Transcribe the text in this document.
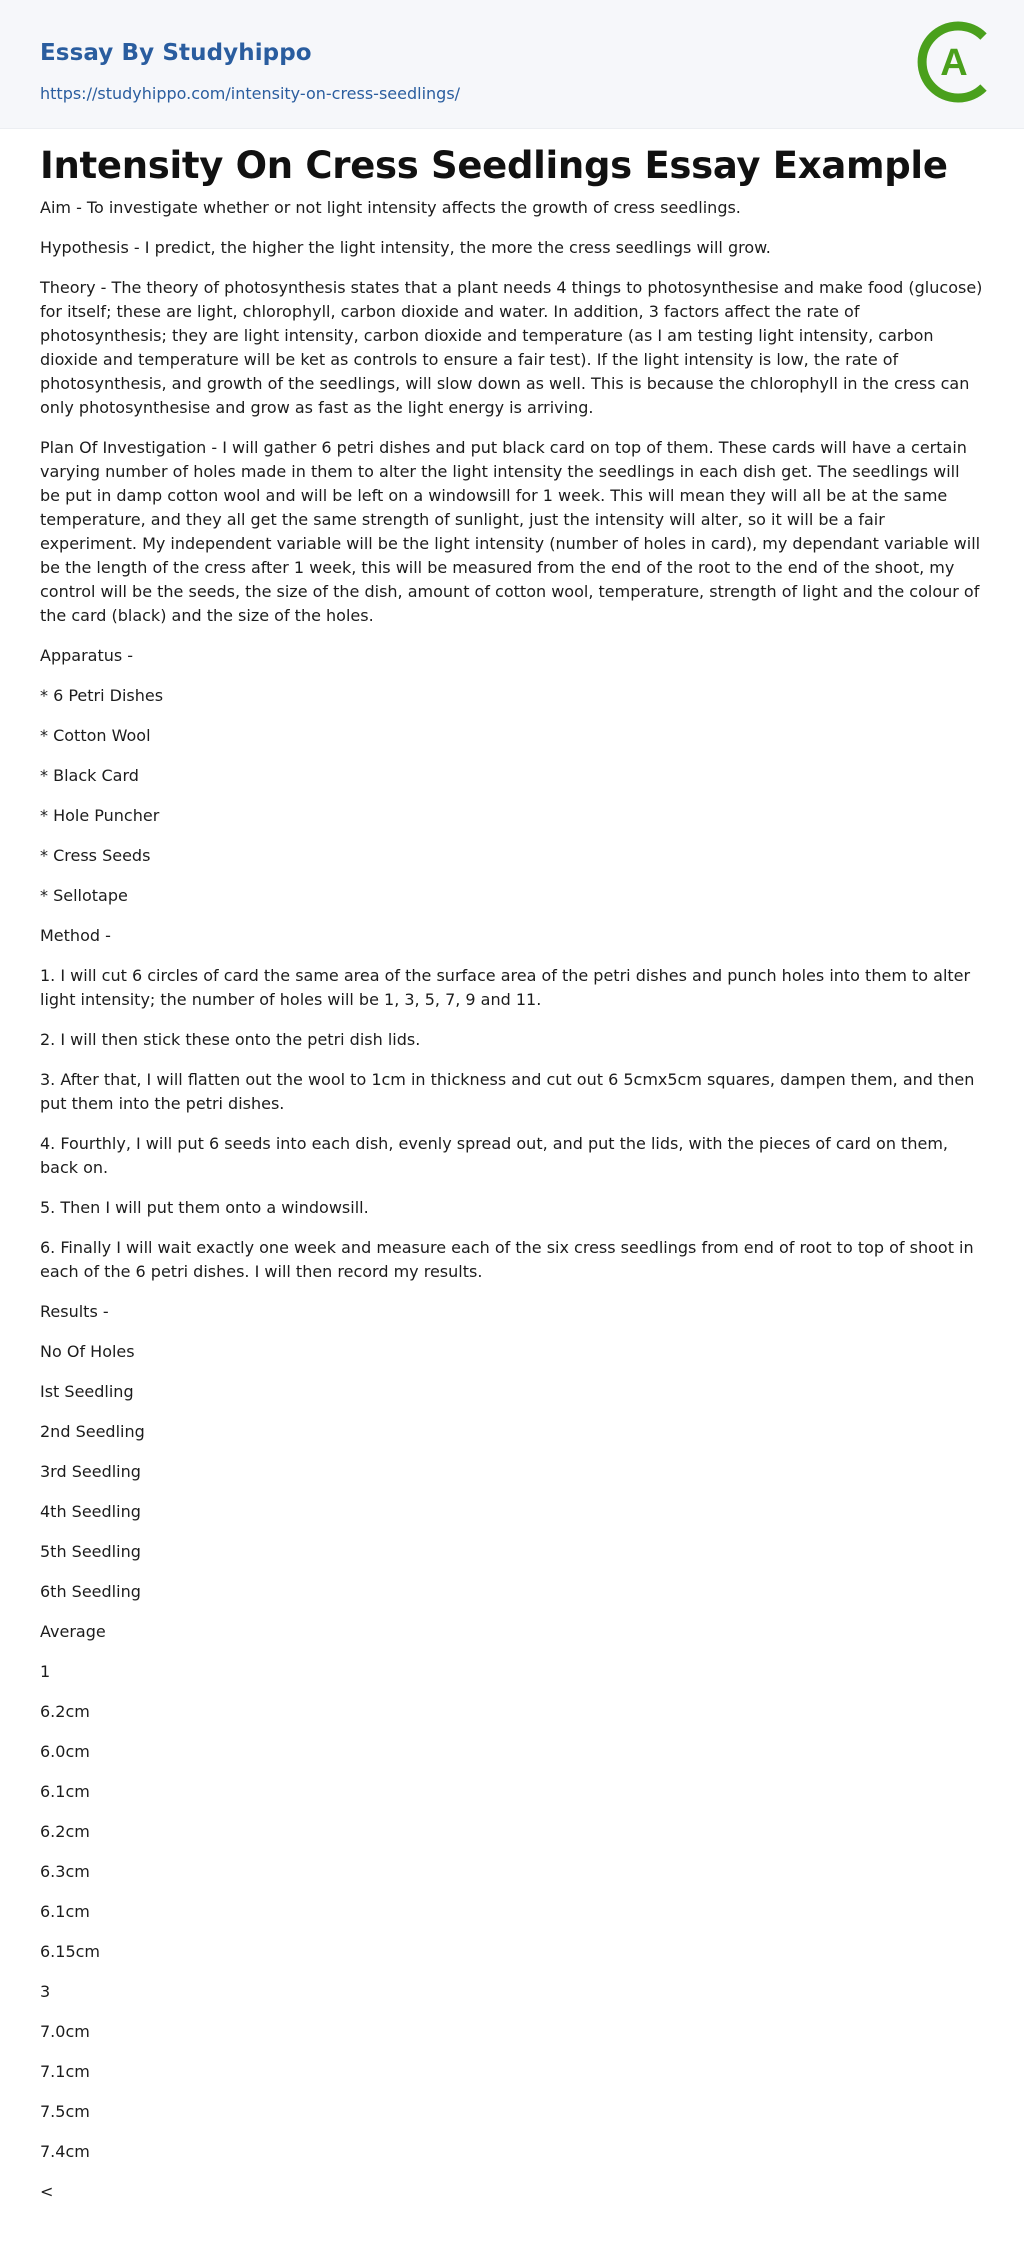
Essay By Studyhippo
https://studyhippo.com/intensity-on-cress-seedlings/
A
Intensity On Cress Seedlings Essay Example

Aim - To investigate whether or not light intensity affects the growth of cress seedlings.

Hypothesis - I predict, the higher the light intensity, the more the cress seedlings will grow.

Theory - The theory of photosynthesis states that a plant needs 4 things to photosynthesise and make food (glucose) for itself; these are light, chlorophyll, carbon dioxide and water. In addition, 3 factors affect the rate of photosynthesis; they are light intensity, carbon dioxide and temperature (as I am testing light intensity, carbon dioxide and temperature will be ket as controls to ensure a fair test). If the light intensity is low, the rate of photosynthesis, and growth of the seedlings, will slow down as well. This is because the chlorophyll in the cress can only photosynthesise and grow as fast as the light energy is arriving.

Plan Of Investigation - I will gather 6 petri dishes and put black card on top of them. These cards will have a certain varying number of holes made in them to alter the light intensity the seedlings in each dish get. The seedlings will be put in damp cotton wool and will be left on a windowsill for 1 week. This will mean they will all be at the same temperature, and they all get the same strength of sunlight, just the intensity will alter, so it will be a fair experiment. My independent variable will be the light intensity (number of holes in card), my dependant variable will be the length of the cress after 1 week, this will be measured from the end of the root to the end of the shoot, my control will be the seeds, the size of the dish, amount of cotton wool, temperature, strength of light and the colour of the card (black) and the size of the holes.

Apparatus -

* 6 Petri Dishes

* Cotton Wool

* Black Card

* Hole Puncher

* Cress Seeds

* Sellotape

Method -

1. I will cut 6 circles of card the same area of the surface area of the petri dishes and punch holes into them to alter light intensity; the number of holes will be 1, 3, 5, 7, 9 and 11.

2. I will then stick these onto the petri dish lids.

3. After that, I will flatten out the wool to 1cm in thickness and cut out 6 5cmx5cm squares, dampen them, and then put them into the petri dishes.

4. Fourthly, I will put 6 seeds into each dish, evenly spread out, and put the lids, with the pieces of card on them, back on.

5. Then I will put them onto a windowsill.

6. Finally I will wait exactly one week and measure each of the six cress seedlings from end of root to top of shoot in each of the 6 petri dishes. I will then record my results.

Results -

No Of Holes

Ist Seedling

2nd Seedling

3rd Seedling

4th Seedling

5th Seedling

6th Seedling

Average

1

6.2cm

6.0cm

6.1cm

6.2cm

6.3cm

6.1cm

6.15cm

3

7.0cm

7.1cm

7.5cm

7.4cm

<
